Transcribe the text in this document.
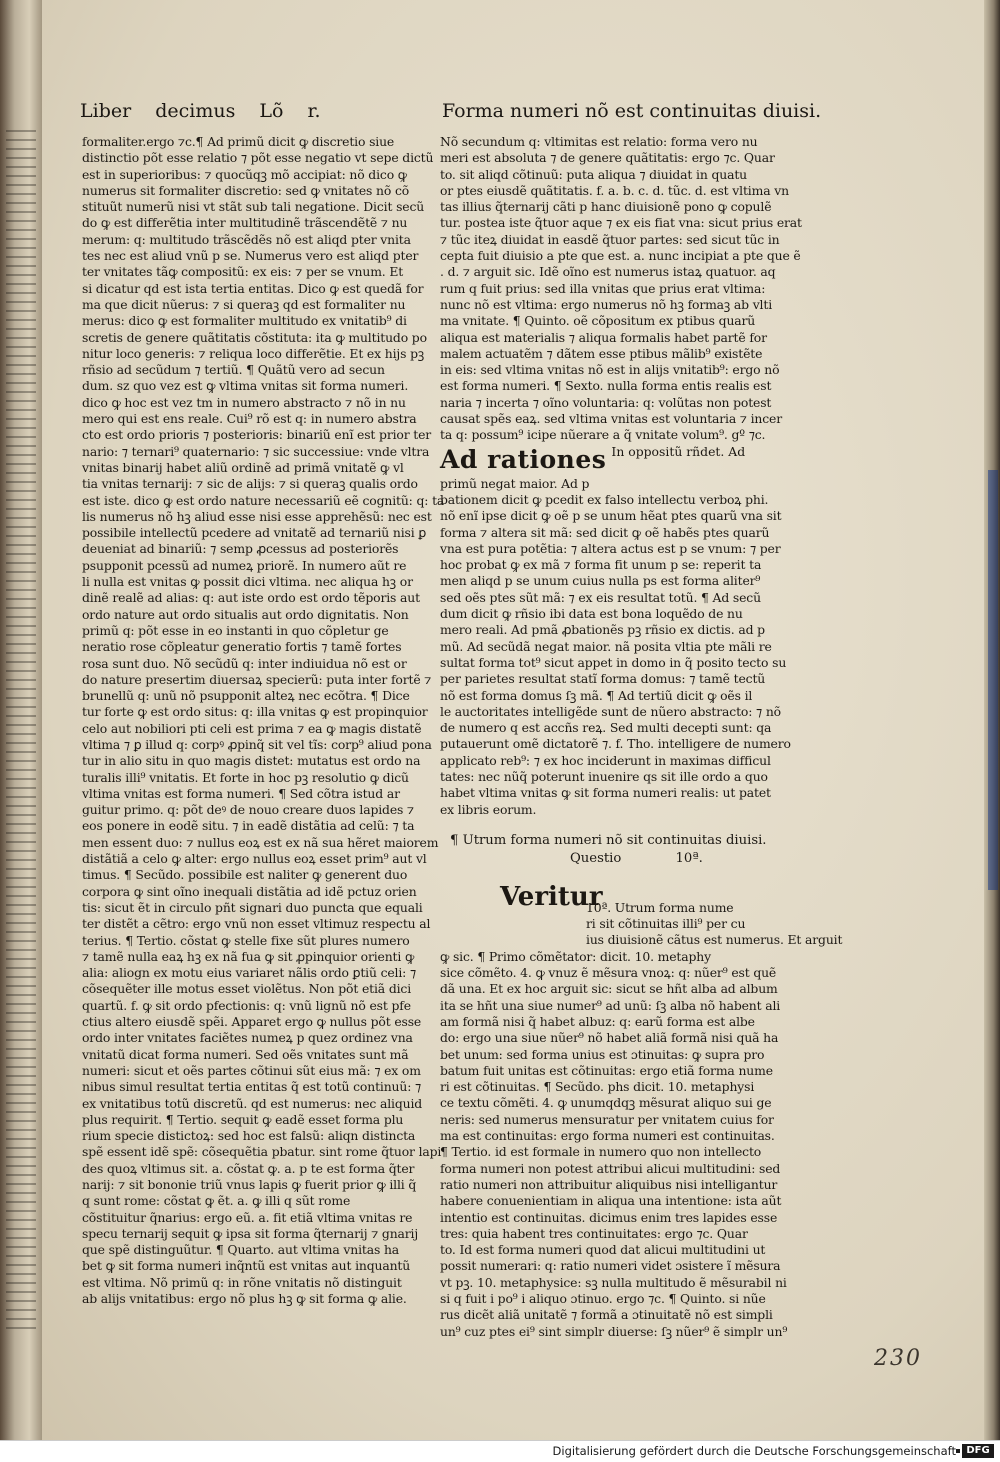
Liber decimus Lõ r.	Forma numeri nõ est continuitas diuisi.
formaliter.ergo ⁊c.¶ Ad primũ dicit ꝙ discretio siue
distinctio põt esse relatio ⁊ põt esse negatio vt sepe dictũ
est in superioribus: ⁊ quocũqꝫ mõ accipiat: nõ dico ꝙ
numerus sit formaliter discretio: sed ꝙ vnitates nõ cõ
stituũt numerũ nisi vt stãt sub tali negatione. Dicit secũ
do ꝙ est differẽtia inter multitudinẽ trãscendẽtẽ ⁊ nu
merum: q: multitudo trãscẽdẽs nõ est aliqd pter vnita
tes nec est aliud vnũ p se. Numerus vero est aliqd pter
ter vnitates tãꝙ compositũ: ex eis: ⁊ per se vnum. Et
si dicatur qd est ista tertia entitas. Dico ꝙ est quedã for
ma que dicit nũerus: ⁊ si queraꝫ qd est formaliter nu
merus: dico ꝙ est formaliter multitudo ex vnitatib⁹ di
scretis de genere quãtitatis cõstituta: ita ꝙ multitudo po
nitur loco generis: ⁊ reliqua loco differẽtie. Et ex hijs pꝫ
rñsio ad secũdum ⁊ tertiũ. ¶ Quãtũ vero ad secun
dum. sz quo vez est ꝙ vltima vnitas sit forma numeri.
dico ꝙ hoc est vez tm in numero abstracto ⁊ nõ in nu
mero qui est ens reale. Cui⁹ rõ est q: in numero abstra
cto est ordo prioris ⁊ posterioris: binariũ enĩ est prior ter
nario: ⁊ ternari⁹ quaternario: ⁊ sic successiue: vnde vltra
vnitas binarij habet aliũ ordinẽ ad primã vnitatẽ ꝙ vl
tia vnitas ternarij: ⁊ sic de alijs: ⁊ si queraꝫ qualis ordo
est iste. dico ꝙ est ordo nature necessariũ eẽ cognitũ: q: ta
lis numerus nõ hꝫ aliud esse nisi esse apprehẽsũ: nec est
possibile intellectũ pcedere ad vnitatẽ ad ternariũ nisi ꝑ
deueniat ad binariũ: ⁊ semp ꝓcessus ad posteriorẽs
psupponit pcessũ ad numeꝝ priorẽ. In numero aũt re
li nulla est vnitas ꝙ possit dici vltima. nec aliqua hꝫ or
dinẽ realẽ ad alias: q: aut iste ordo est ordo tẽporis aut
ordo nature aut ordo situalis aut ordo dignitatis. Non
primũ q: põt esse in eo instanti in quo cõpletur ge
neratio rose cõpleatur generatio fortis ⁊ tamẽ fortes
rosa sunt duo. Nõ secũdũ q: inter indiuidua nõ est or
do nature presertim diuersaꝝ specierũ: puta inter fortẽ ⁊
brunellũ q: unũ nõ psupponit alteꝝ nec ecõtra. ¶ Dice
tur forte ꝙ est ordo situs: q: illa vnitas ꝙ est propinquior
celo aut nobiliori pti celi est prima ⁊ ea ꝙ magis distatẽ
vltima ⁊ ꝑ illud q: corpꝰ ꝓpinq̃ sit vel tĩs: corp⁹ aliud pona
tur in alio situ in quo magis distet: mutatus est ordo na
turalis illi⁹ vnitatis. Et forte in hoc pꝫ resolutio ꝙ dicũ
vltima vnitas est forma numeri. ¶ Sed cõtra istud ar
guitur primo. q: põt deꝰ de nouo creare duos lapides ⁊
eos ponere in eodẽ situ. ⁊ in eadẽ distãtia ad celũ: ⁊ ta
men essent duo: ⁊ nullus eoꝝ est ex nã sua hẽret maiorem
distãtiã a celo ꝙ alter: ergo nullus eoꝝ esset prim⁹ aut vl
timus. ¶ Secũdo. possibile est naliter ꝙ generent duo
corpora ꝙ sint oĩno inequali distãtia ad idẽ pctuz orien
tis: sicut ẽt in circulo pñt signari duo puncta que equali
ter distẽt a cẽtro: ergo vnũ non esset vltimuz respectu al
terius. ¶ Tertio. cõstat ꝙ stelle fixe sũt plures numero
⁊ tamẽ nulla eaꝝ hꝫ ex nã fua ꝙ sit ꝓpinquior orienti ꝙ
alia: aliogn ex motu eius variaret nãlis ordo ꝑtiũ celi: ⁊
cõsequẽter ille motus esset violẽtus. Non põt etiã dici
quartũ. f. ꝙ sit ordo pfectionis: q: vnũ lignũ nõ est pfe
ctius altero eiusdẽ spẽi. Apparet ergo ꝙ nullus põt esse
ordo inter vnitates faciẽtes numeꝝ p quez ordinez vna
vnitatũ dicat forma numeri. Sed oẽs vnitates sunt mã
numeri: sicut et oẽs partes cõtinui sũt eius mã: ⁊ ex om
nibus simul resultat tertia entitas q̃ est totũ continuũ: ⁊
ex vnitatibus totũ discretũ. qd est numerus: nec aliquid
plus requirit. ¶ Tertio. sequit ꝙ eadẽ esset forma plu
rium specie distictoꝝ: sed hoc est falsũ: aliqn distincta
spẽ essent idẽ spẽ: cõsequẽtia pbatur. sint rome q̃tuor lapi
des quoꝝ vltimus sit. a. cõstat ꝙ. a. p te est forma q̃ter
narij: ⁊ sit bononie triũ vnus lapis ꝙ fuerit prior ꝙ illi q̃
q sunt rome: cõstat ꝙ ẽt. a. ꝙ illi q sũt rome
cõstituitur q̃narius: ergo eũ. a. fit etiã vltima vnitas re
specu ternarij sequit ꝙ ipsa sit forma q̃ternarij ⁊ gnarij
que spẽ distinguũtur. ¶ Quarto. aut vltima vnitas ha
bet ꝙ sit forma numeri inq̃ntũ est vnitas aut inquantũ
est vltima. Nõ primũ q: in rõne vnitatis nõ distinguit
ab alijs vnitatibus: ergo nõ plus hꝫ ꝙ sit forma ꝙ alie.
Nõ secundum q: vltimitas est relatio: forma vero nu
meri est absoluta ⁊ de genere quãtitatis: ergo ⁊c. Quar
to. sit aliqd cõtinuũ: puta aliqua ⁊ diuidat in quatu
or ptes eiusdẽ quãtitatis. f. a. b. c. d. tũc. d. est vltima vn
tas illius q̃ternarij cãti p hanc diuisionẽ pono ꝙ copulẽ
tur. postea iste q̃tuor aque ⁊ ex eis fiat vna: sicut prius erat
⁊ tũc iteꝝ diuidat in easdẽ q̃tuor partes: sed sicut tũc in
cepta fuit diuisio a pte que est. a. nunc incipiat a pte que ẽ
. d. ⁊ arguit sic. Idẽ oĩno est numerus istaꝝ quatuor. aq
rum q fuit prius: sed illa vnitas que prius erat vltima:
nunc nõ est vltima: ergo numerus nõ hꝫ formaꝫ ab vlti
ma vnitate. ¶ Quinto. oẽ cõpositum ex ptibus quarũ
aliqua est materialis ⁊ aliqua formalis habet partẽ for
malem actuatẽm ⁊ dãtem esse ptibus mãlib⁹ existẽte
in eis: sed vltima vnitas nõ est in alijs vnitatib⁹: ergo nõ
est forma numeri. ¶ Sexto. nulla forma entis realis est
naria ⁊ incerta ⁊ oĩno voluntaria: q: volũtas non potest
causat spẽs eaꝝ. sed vltima vnitas est voluntaria ⁊ incer
ta q: possum⁹ icipe nũerare a q̃ vnitate volum⁹. gº ⁊c.
Ad rationes In oppositũ rñdet. Ad
primũ negat maior. Ad p
bationem dicit ꝙ pcedit ex falso intellectu verboꝝ phi.
nõ enĩ ipse dicit ꝙ oẽ p se unum hẽat ptes quarũ vna sit
forma ⁊ altera sit mã: sed dicit ꝙ oẽ habẽs ptes quarũ
vna est pura potẽtia: ⁊ altera actus est p se vnum: ⁊ per
hoc probat ꝙ ex mã ⁊ forma fit unum p se: reperit ta
men aliqd p se unum cuius nulla ps est forma aliter⁹
sed oẽs ptes sũt mã: ⁊ ex eis resultat totũ. ¶ Ad secũ
dum dicit ꝙ rñsio ibi data est bona loquẽdo de nu
mero reali. Ad pmã ꝓbationẽs pꝫ rñsio ex dictis. ad p
mũ. Ad secũdã negat maior. nã posita vltia pte mãli re
sultat forma tot⁹ sicut appet in domo in q̃ posito tecto su
per parietes resultat statĩ forma domus: ⁊ tamẽ tectũ
nõ est forma domus ſꝫ mã. ¶ Ad tertiũ dicit ꝙ oẽs il
le auctoritates intelligẽde sunt de nũero abstracto: ⁊ nõ
de numero q est accñs reꝝ. Sed multi decepti sunt: qa
putauerunt omẽ dictatorẽ ⁊. f. Tho. intelligere de numero
applicato reb⁹: ⁊ ex hoc inciderunt in maximas difficul
tates: nec nũq̃ poterunt inuenire qs sit ille ordo a quo
habet vltima vnitas ꝙ sit forma numeri realis: ut patet
ex libris eorum.
¶ Utrum forma numeri nõ sit continuitas diuisi.
Questio	10ª.
Veritur
10ª. Utrum forma nume
ri sit cõtinuitas illi⁹ per cu
ius diuisionẽ cãtus est numerus. Et arguit
ꝙ sic. ¶ Primo cõmẽtator: dicit. 10. metaphy
sice cõmẽto. 4. ꝙ vnuz ẽ mẽsura vnoꝝ: q: nũer⁹ est quẽ
dã una. Et ex hoc arguit sic: sicut se hñt alba ad album
ita se hñt una siue numer⁹ ad unũ: ſꝫ alba nõ habent ali
am formã nisi q̃ habet albuz: q: earũ forma est albe
do: ergo una siue nũer⁹ nõ habet aliã formã nisi quã ha
bet unum: sed forma unius est ɔtinuitas: ꝙ supra pro
batum fuit unitas est cõtinuitas: ergo etiã forma nume
ri est cõtinuitas. ¶ Secũdo. phs dicit. 10. metaphysi
ce textu cõmẽti. 4. ꝙ unumqdqꝫ mẽsurat aliquo sui ge
neris: sed numerus mensuratur per vnitatem cuius for
ma est continuitas: ergo forma numeri est continuitas.
¶ Tertio. id est formale in numero quo non intellecto
forma numeri non potest attribui alicui multitudini: sed
ratio numeri non attribuitur aliquibus nisi intelligantur
habere conuenientiam in aliqua una intentione: ista aũt
intentio est continuitas. dicimus enim tres lapides esse
tres: quia habent tres continuitates: ergo ⁊c. Quar
to. Id est forma numeri quod dat alicui multitudini ut
possit numerari: q: ratio numeri videt ɔsistere ĩ mẽsura
vt pꝫ. 10. metaphysice: sꝫ nulla multitudo ẽ mẽsurabil ni
si q fuit i po⁹ i aliquo ɔtinuo. ergo ⁊c. ¶ Quinto. si nũe
rus dicẽt aliã unitatẽ ⁊ formã a ɔtinuitatẽ nõ est simpli
un⁹ cuz ptes ei⁹ sint simplr diuerse: ſꝫ nũer⁹ ẽ simplr un⁹
230
Digitalisierung gefördert durch die Deutsche Forschungsgemeinschaft	DFG
